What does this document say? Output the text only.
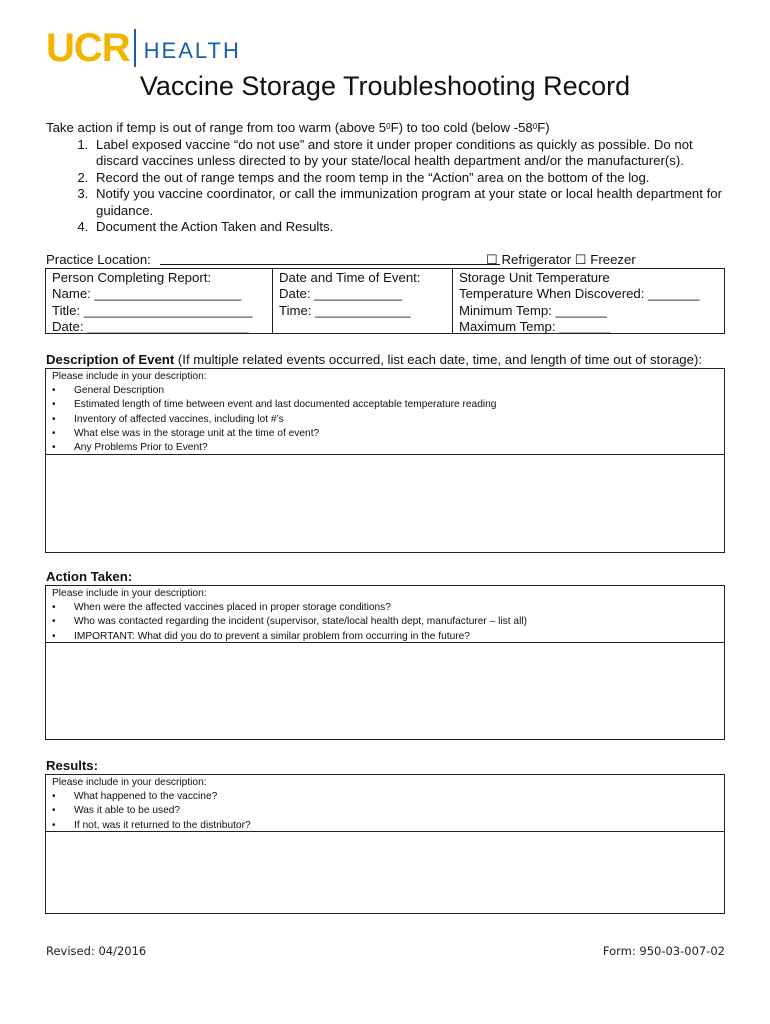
UCR HEALTH
Vaccine Storage Troubleshooting Record
Take action if temp is out of range from too warm (above $5^0F$) to too cold (below $-58^0F$)
1. Label exposed vaccine “do not use” and store it under proper conditions as quickly as possible. Do not discard vaccines unless directed to by your state/local health department and/or the manufacturer(s).
2. Record the out of range temps and the room temp in the “Action” area on the bottom of the log.
3. Notify you vaccine coordinator, or call the immunization program at your state or local health department for guidance.
4. Document the Action Taken and Results.
Practice Location:	☐ Refrigerator ☐ Freezer
Person Completing Report:
Name: ____________________
Title: _______________________
Date: ______________________
Date and Time of Event:
Date: ____________
Time: _____________
Storage Unit Temperature
Temperature When Discovered: _______
Minimum Temp: _______
Maximum Temp: _______
Description of Event (If multiple related events occurred, list each date, time, and length of time out of storage):
Please include in your description:
• General Description
• Estimated length of time between event and last documented acceptable temperature reading
• Inventory of affected vaccines, including lot #’s
• What else was in the storage unit at the time of event?
• Any Problems Prior to Event?
Action Taken:
Please include in your description:
• When were the affected vaccines placed in proper storage conditions?
• Who was contacted regarding the incident (supervisor, state/local health dept, manufacturer – list all)
• IMPORTANT: What did you do to prevent a similar problem from occurring in the future?
Results:
Please include in your description:
• What happened to the vaccine?
• Was it able to be used?
• If not, was it returned to the distributor?
Revised: 04/2016	Form: 950-03-007-02
